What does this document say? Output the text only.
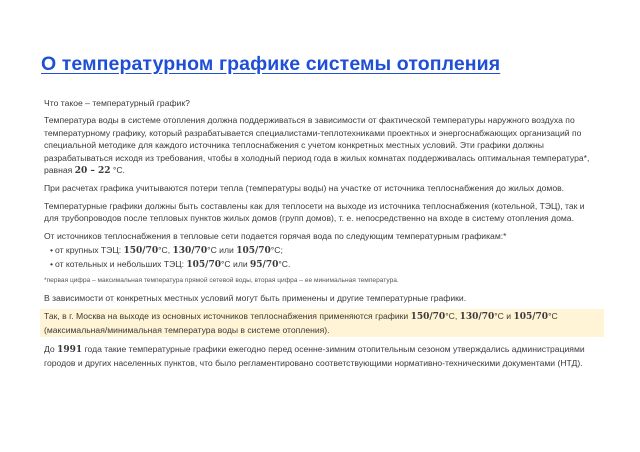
О температурном графике системы отопления

Что такое – температурный график?

Температура воды в системе отопления должна поддерживаться в зависимости от фактической температуры наружного воздуха по температурному графику, который разрабатывается специалистами-теплотехниками проектных и энергоснабжающих организаций по специальной методике для каждого источника теплоснабжения с учетом конкретных местных условий. Эти графики должны разрабатываться исходя из требования, чтобы в холодный период года в жилых комнатах поддерживалась оптимальная температура*, равная 20 – 22 °С.

При расчетах графика учитываются потери тепла (температуры воды) на участке от источника теплоснабжения до жилых домов.

Температурные графики должны быть составлены как для теплосети на выходе из источника теплоснабжения (котельной, ТЭЦ), так и для трубопроводов после тепловых пунктов жилых домов (групп домов), т. е. непосредственно на входе в систему отопления дома.

От источников теплоснабжения в тепловые сети подается горячая вода по следующим температурным графикам:*

• от крупных ТЭЦ: 150/70°С, 130/70°С или 105/70°С;
• от котельных и небольших ТЭЦ: 105/70°С или 95/70°С.

*первая цифра – максимальная температура прямой сетевой воды, вторая цифра – ее минимальная температура.

В зависимости от конкретных местных условий могут быть применены и другие температурные графики.

Так, в г. Москва на выходе из основных источников теплоснабжения применяются графики 150/70°С, 130/70°С и 105/70°С (максимальная/минимальная температура воды в системе отопления).

До 1991 года такие температурные графики ежегодно перед осенне-зимним отопительным сезоном утверждались администрациями городов и других населенных пунктов, что было регламентировано соответствующими нормативно-техническими документами (НТД).
